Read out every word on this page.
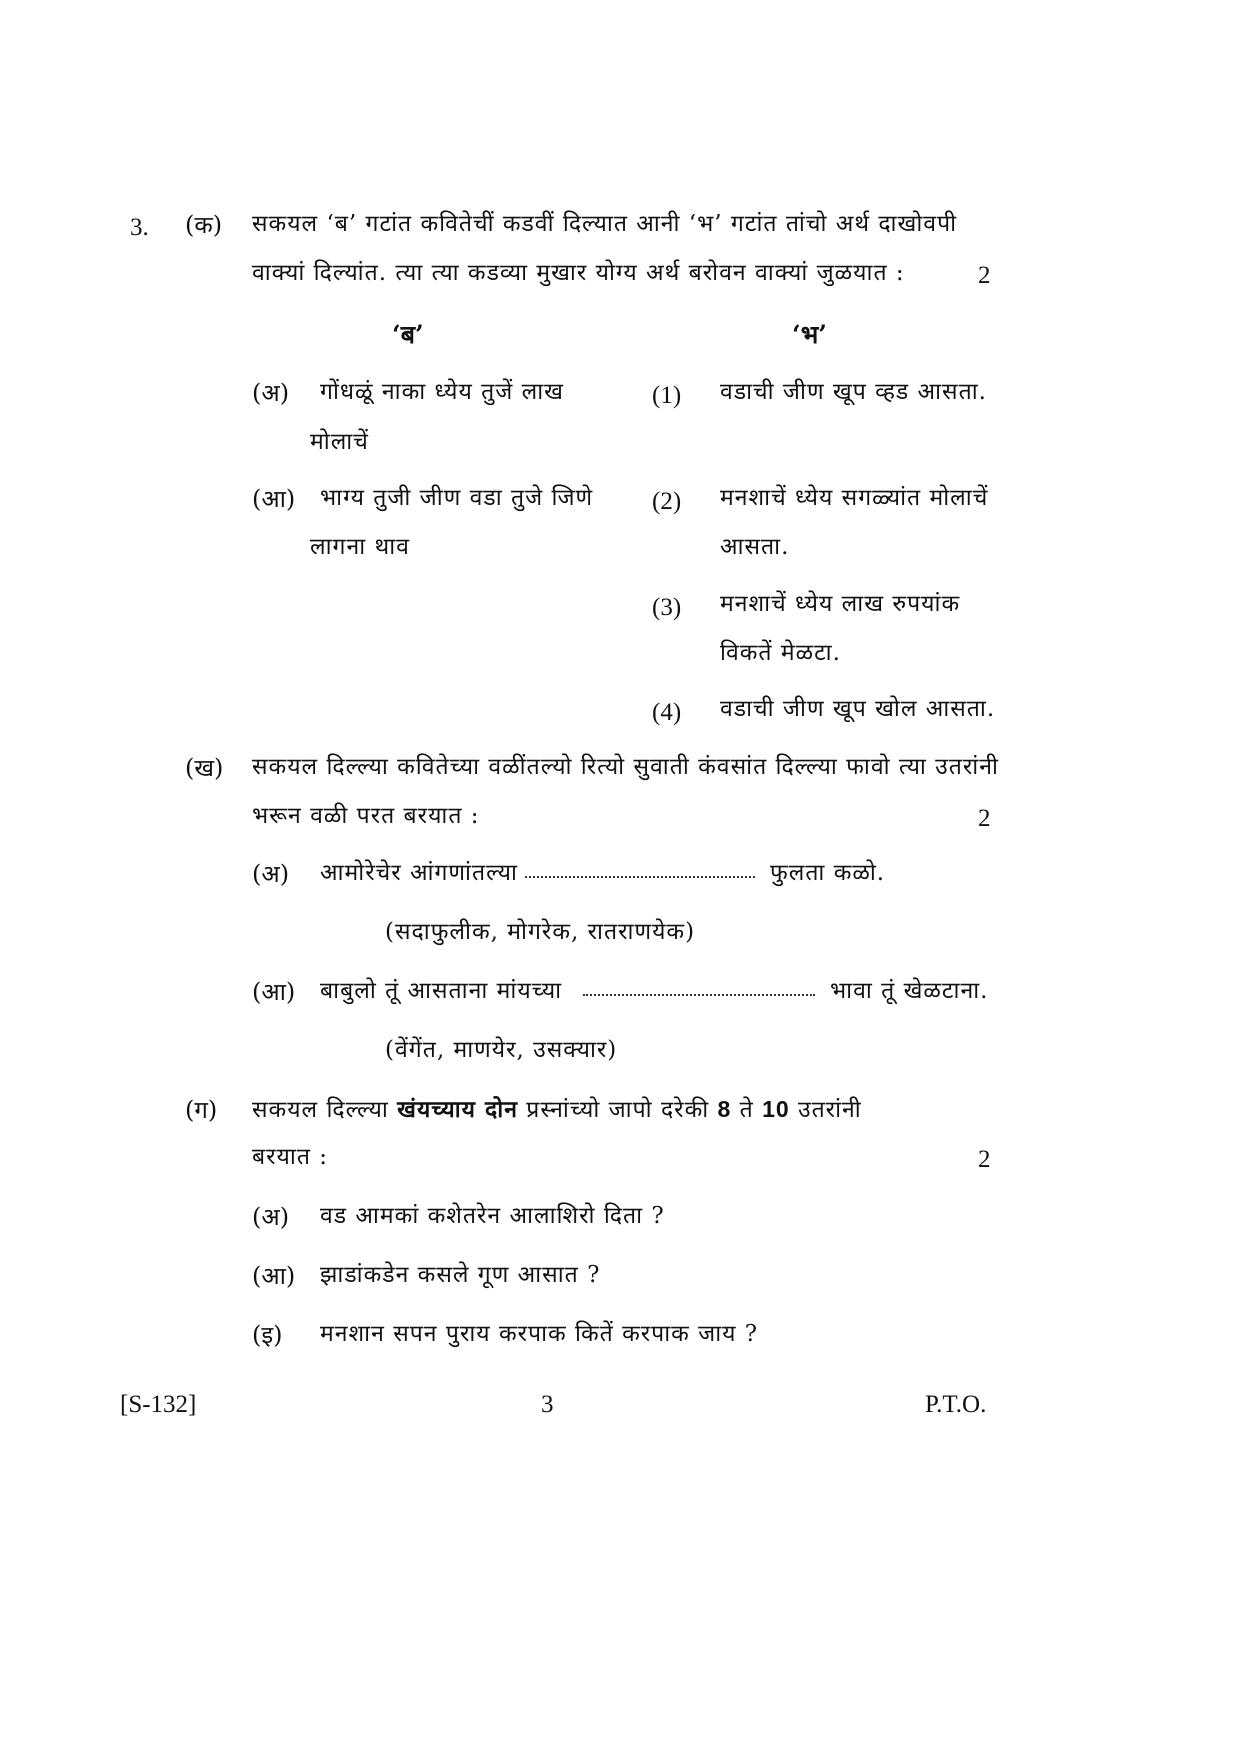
3. (क) सकयल ‘ब’ गटांत कवितेचीं कडवीं दिल्यात आनी ‘भ’ गटांत तांचो अर्थ दाखोवपी
वाक्यां दिल्यांत. त्या त्या कडव्या मुखार योग्य अर्थ बरोवन वाक्यां जुळयात :	2
‘ब’	‘भ’
(अ) गोंधळूं नाका ध्येय तुजें लाख
मोलाचें
(आ) भाग्य तुजी जीण वडा तुजे जिणे
लागना थाव
(1) वडाची जीण खूप व्हड आसता.
(2) मनशाचें ध्येय सगळ्यांत मोलाचें
आसता.
(3) मनशाचें ध्येय लाख रुपयांक
विकतें मेळटा.
(4) वडाची जीण खूप खोल आसता.
(ख) सकयल दिल्ल्या कवितेच्या वळींतल्यो रित्यो सुवाती कंवसांत दिल्ल्या फावो त्या उतरांनी
भरून वळी परत बरयात :	2
(अ) आमोरेचेर आंगणांतल्या	फुलता कळो.
(सदाफुलीक, मोगरेक, रातराणयेक)
(आ) बाबुलो तूं आसताना मांयच्या	भावा तूं खेळटाना.
(वेंगेंत, माणयेर, उसक्यार)
(ग) सकयल दिल्ल्या खंयच्याय दोन प्रस्नांच्यो जापो दरेकी 8 ते 10 उतरांनी
बरयात :	2
(अ) वड आमकां कशेतरेन आलाशिरो दिता ?
(आ) झाडांकडेन कसले गूण आसात ?
(इ) मनशान सपन पुराय करपाक कितें करपाक जाय ?
[S-132]	3	P.T.O.
